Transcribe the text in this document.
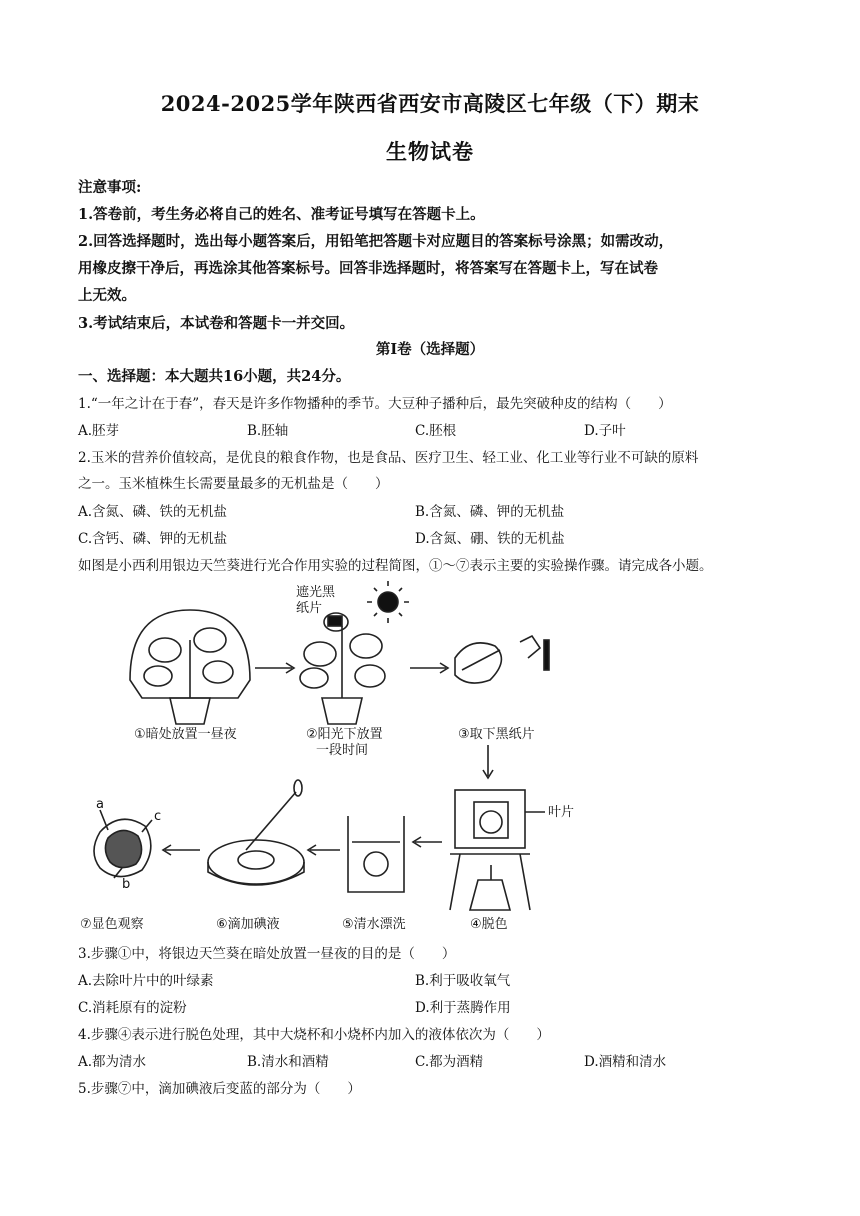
2024-2025学年陕西省西安市高陵区七年级（下）期末
生物试卷
注意事项:
1.答卷前，考生务必将自己的姓名、准考证号填写在答题卡上。
2.回答选择题时，选出每小题答案后，用铅笔把答题卡对应题目的答案标号涂黑；如需改动，
用橡皮擦干净后，再选涂其他答案标号。回答非选择题时，将答案写在答题卡上，写在试卷
上无效。
3.考试结束后，本试卷和答题卡一并交回。
第Ⅰ卷（选择题）
一、选择题：本大题共16小题，共24分。
1.“一年之计在于春”，春天是许多作物播种的季节。大豆种子播种后，最先突破种皮的结构（　　）
A.胚芽	B.胚轴	C.胚根	D.子叶
2.玉米的营养价值较高，是优良的粮食作物，也是食品、医疗卫生、轻工业、化工业等行业不可缺的原料
之一。玉米植株生长需要量最多的无机盐是（　　）
A.含氮、磷、铁的无机盐	B.含氮、磷、钾的无机盐
C.含钙、磷、钾的无机盐	D.含氮、硼、铁的无机盐
如图是小西利用银边天竺葵进行光合作用实验的过程简图，①～⑦表示主要的实验操作骤。请完成各小题。
遮光黑
纸片
叶片
①暗处放置一昼夜	②阳光下放置
一段时间
③取下黑纸片
④脱色
⑤清水漂洗
⑥滴加碘液
⑦显色观察
a
c
b
3.步骤①中，将银边天竺葵在暗处放置一昼夜的目的是（　　）
A.去除叶片中的叶绿素	B.利于吸收氧气
C.消耗原有的淀粉	D.利于蒸腾作用
4.步骤④表示进行脱色处理，其中大烧杯和小烧杯内加入的液体依次为（　　）
A.都为清水	B.清水和酒精	C.都为酒精	D.酒精和清水
5.步骤⑦中，滴加碘液后变蓝的部分为（　　）
